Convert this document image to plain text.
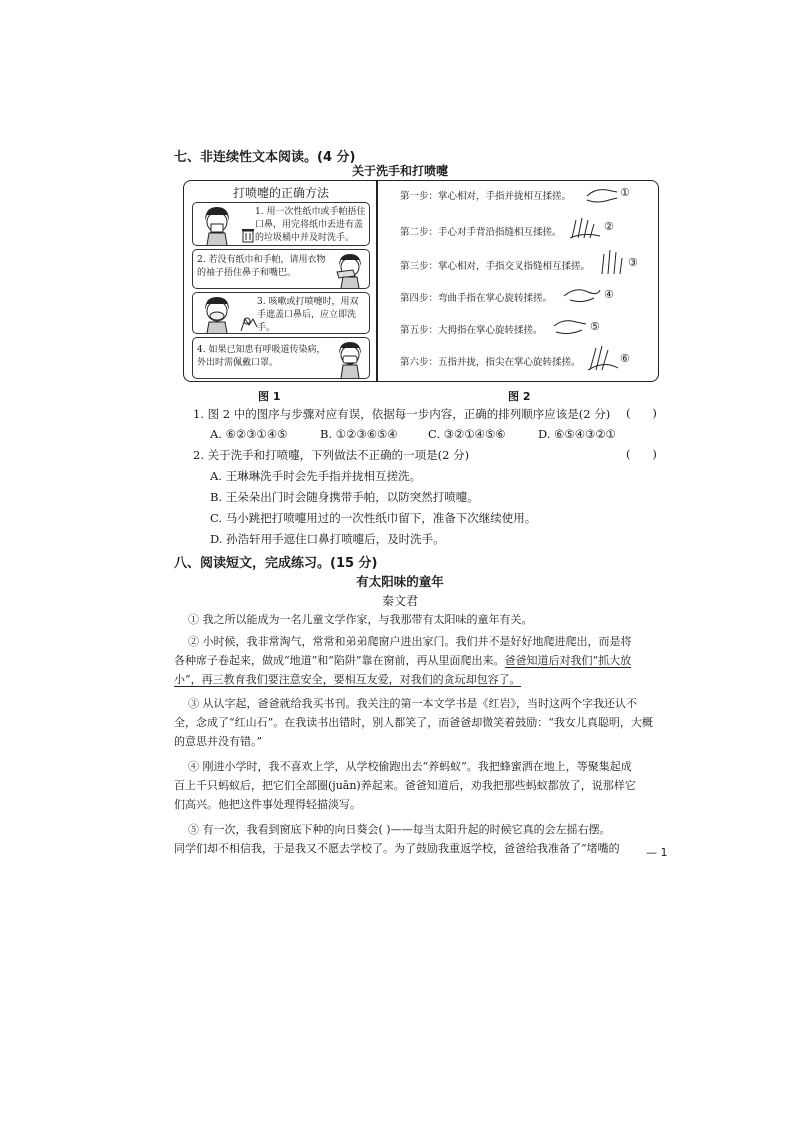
七、非连续性文本阅读。(4 分)
关于洗手和打喷嚏
打喷嚏的正确方法
1. 用一次性纸巾或手帕捂住口鼻，用完将纸巾丢进有盖的垃圾桶中并及时洗手。
2. 若没有纸巾和手帕，请用衣物的袖子捂住鼻子和嘴巴。
3. 咳嗽或打喷嚏时，用双手遮盖口鼻后，应立即洗手。
4. 如果已知患有呼吸道传染病，外出时需佩戴口罩。
第一步：掌心相对，手指并拢相互揉搓。
第二步：手心对手背沿指缝相互揉搓。
第三步：掌心相对，手指交叉指缝相互揉搓。
第四步：弯曲手指在掌心旋转揉搓。
第五步：大拇指在掌心旋转揉搓。
第六步：五指并拢，指尖在掌心旋转揉搓。
①
②
③
④
⑤
⑥
图 1	图 2
1. 图 2 中的图序与步骤对应有误，依据每一步内容，正确的排列顺序应该是(2 分) (      )
A. ⑥②③①④⑤	B. ①②③⑥⑤④	C. ③②①④⑤⑥	D. ⑥⑤④③②①
2. 关于洗手和打喷嚏，下列做法不正确的一项是(2 分)	(      )
A. 王琳琳洗手时会先手指并拢相互搓洗。
B. 王朵朵出门时会随身携带手帕，以防突然打喷嚏。
C. 马小跳把打喷嚏用过的一次性纸巾留下，准备下次继续使用。
D. 孙浩轩用手遮住口鼻打喷嚏后，及时洗手。
八、阅读短文，完成练习。(15 分)
有太阳味的童年
秦文君
① 我之所以能成为一名儿童文学作家，与我那带有太阳味的童年有关。
② 小时候，我非常淘气，常常和弟弟爬窗户进出家门。我们并不是好好地爬进爬出，而是将
各种席子卷起来，做成“地道”和“陷阱”靠在窗前，再从里面爬出来。爸爸知道后对我们“抓大放
小”，再三教育我们要注意安全，要相互友爱，对我们的贪玩却包容了。
③ 从认字起，爸爸就给我买书刊。我关注的第一本文学书是《红岩》，当时这两个字我还认不
全，念成了“红山石”。在我读书出错时，别人都笑了，而爸爸却微笑着鼓励：“我女儿真聪明，大概
的意思并没有错。”
④ 刚进小学时，我不喜欢上学，从学校偷跑出去“养蚂蚁”。我把蜂蜜洒在地上，等聚集起成
百上千只蚂蚁后，把它们全部圈(juān)养起来。爸爸知道后，劝我把那些蚂蚁都放了，说那样它
们高兴。他把这件事处理得轻描淡写。
⑤ 有一次，我看到窗底下种的向日葵会( )——每当太阳升起的时候它真的会左摇右摆。
同学们却不相信我，于是我又不愿去学校了。为了鼓励我重返学校，爸爸给我准备了“堵嘴的	— 1
